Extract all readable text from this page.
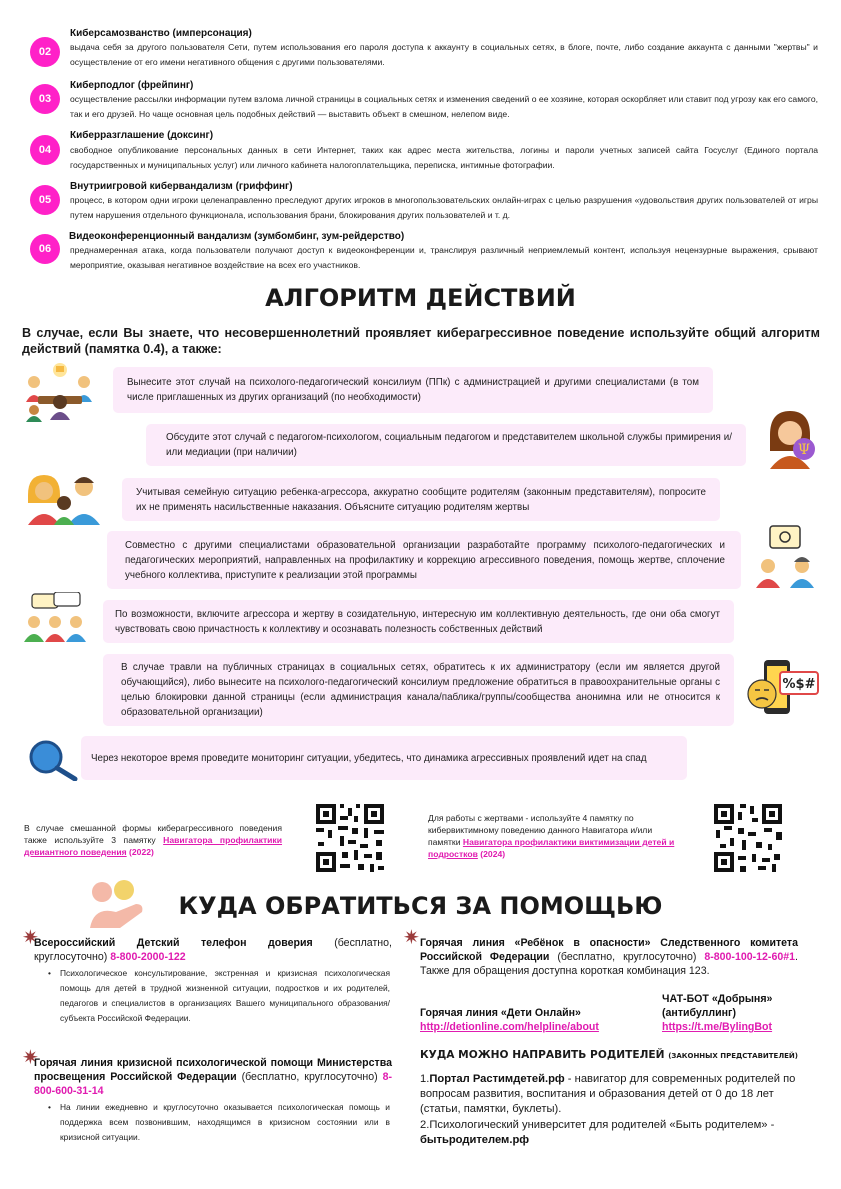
02
Киберсамозванство (имперсонация)
выдача себя за другого пользователя Сети, путем использования его пароля доступа к аккаунту в социальных сетях, в блоге, почте, либо создание аккаунта с данными "жертвы" и осуществление от его имени негативного общения с другими пользователями.
03
Киберподлог (фрейпинг)
осуществление рассылки информации путем взлома личной страницы в социальных сетях и изменения сведений о ее хозяине, которая оскорбляет или ставит под угрозу как его самого, так и его друзей. Но чаще основная цель подобных действий — выставить объект в смешном, нелепом виде.
04
Киберразглашение (доксинг)
свободное опубликование персональных данных в сети Интернет, таких как адрес места жительства, логины и пароли учетных записей сайта Госуслуг (Единого портала государственных и муниципальных услуг) или личного кабинета налогоплательщика, переписка, интимные фотографии.
05
Внутриигровой кибервандализм (гриффинг)
процесс, в котором одни игроки целенаправленно преследуют других игроков в многопользовательских онлайн-играх с целью разрушения «удовольствия других пользователей от игры путем нарушения отдельного функционала, использования брани, блокирования других пользователей и т. д.
06
Видеоконференционный вандализм (зумбомбинг, зум-рейдерство)
преднамеренная атака, когда пользователи получают доступ к видеоконференции и, транслируя различный неприемлемый контент, используя нецензурные выражения, срывают мероприятие, оказывая негативное воздействие на всех его участников.
АЛГОРИТМ ДЕЙСТВИЙ
В случае, если Вы знаете, что несовершеннолетний проявляет киберагрессивное поведение используйте общий алгоритм действий (памятка 0.4), а также:
Вынесите этот случай на психолого-педагогический консилиум (ППк) с администрацией и другими специалистами (в том числе приглашенных из других организаций (по необходимости)
Обсудите этот случай с педагогом-психологом, социальным педагогом и представителем школьной службы примирения и/или медиации (при наличии)	Ψ
Учитывая семейную ситуацию ребенка-агрессора, аккуратно сообщите родителям (законным представителям), попросите их не применять насильственные наказания. Объясните ситуацию родителям жертвы
Совместно с другими специалистами образовательной организации разработайте программу психолого-педагогических и педагогических мероприятий, направленных на профилактику и коррекцию агрессивного поведения, помощь жертве, сплочение учебного коллектива, приступите к реализации этой программы
По возможности, включите агрессора и жертву в созидательную, интересную им коллективную деятельность, где они оба смогут чувствовать свою причастность к коллективу и осознавать полезность собственных действий
В случае травли на публичных страницах в социальных сетях, обратитесь к их администратору (если им является другой обучающийся), либо вынесите на психолого-педагогический консилиум предложение обратиться в правоохранительные органы с целью блокировки данной страницы (если администрация канала/паблика/группы/сообщества анонимна или не относится к образовательной организации)
%$#
Через некоторое время проведите мониторинг ситуации, убедитесь, что динамика агрессивных проявлений идет на спад
В случае смешанной формы киберагрессивного поведения также используйте 3 памятку Навигатора профилактики девиантного поведения (2022)
Для работы с жертвами - используйте 4 памятку по кибервиктимному поведению данного Навигатора и/или памятки Навигатора профилактики виктимизации детей и подростков (2024)
КУДА ОБРАТИТЬСЯ ЗА ПОМОЩЬЮ
✷
Всероссийский Детский телефон доверия (бесплатно, круглосуточно) 8-800-2000-122
•	Психологическое консультирование, экстренная и кризисная психологическая помощь для детей в трудной жизненной ситуации, подростков и их родителей, педагогов и специалистов в организациях Вашего муниципального образования/субъекта Российской Федерации.
✷
Горячая линия кризисной психологической помощи Министерства просвещения Российской Федерации (бесплатно, круглосуточно) 8-800-600-31-14
•	На линии ежедневно и круглосуточно оказывается психологическая помощь и поддержка всем позвонившим, находящимся в кризисном состоянии или в кризисной ситуации.
✷ Горячая линия «Ребёнок в опасности» Следственного комитета Российской Федерации (бесплатно, круглосуточно) 8-800-100-12-60#1. Также для обращения доступна короткая комбинация 123.
Горячая линия «Дети Онлайн»
http://detionline.com/helpline/about
ЧАТ-БОТ «Добрыня» (антибуллинг)
https://t.me/BylingBot
КУДА МОЖНО НАПРАВИТЬ РОДИТЕЛЕЙ (ЗАКОННЫХ ПРЕДСТАВИТЕЛЕЙ)
1.Портал Растимдетей.рф - навигатор для современных родителей по вопросам развития, воспитания и образования детей от 0 до 18 лет (статьи, памятки, буклеты).
2.Психологический университет для родителей «Быть родителем» - бытьродителем.рф
